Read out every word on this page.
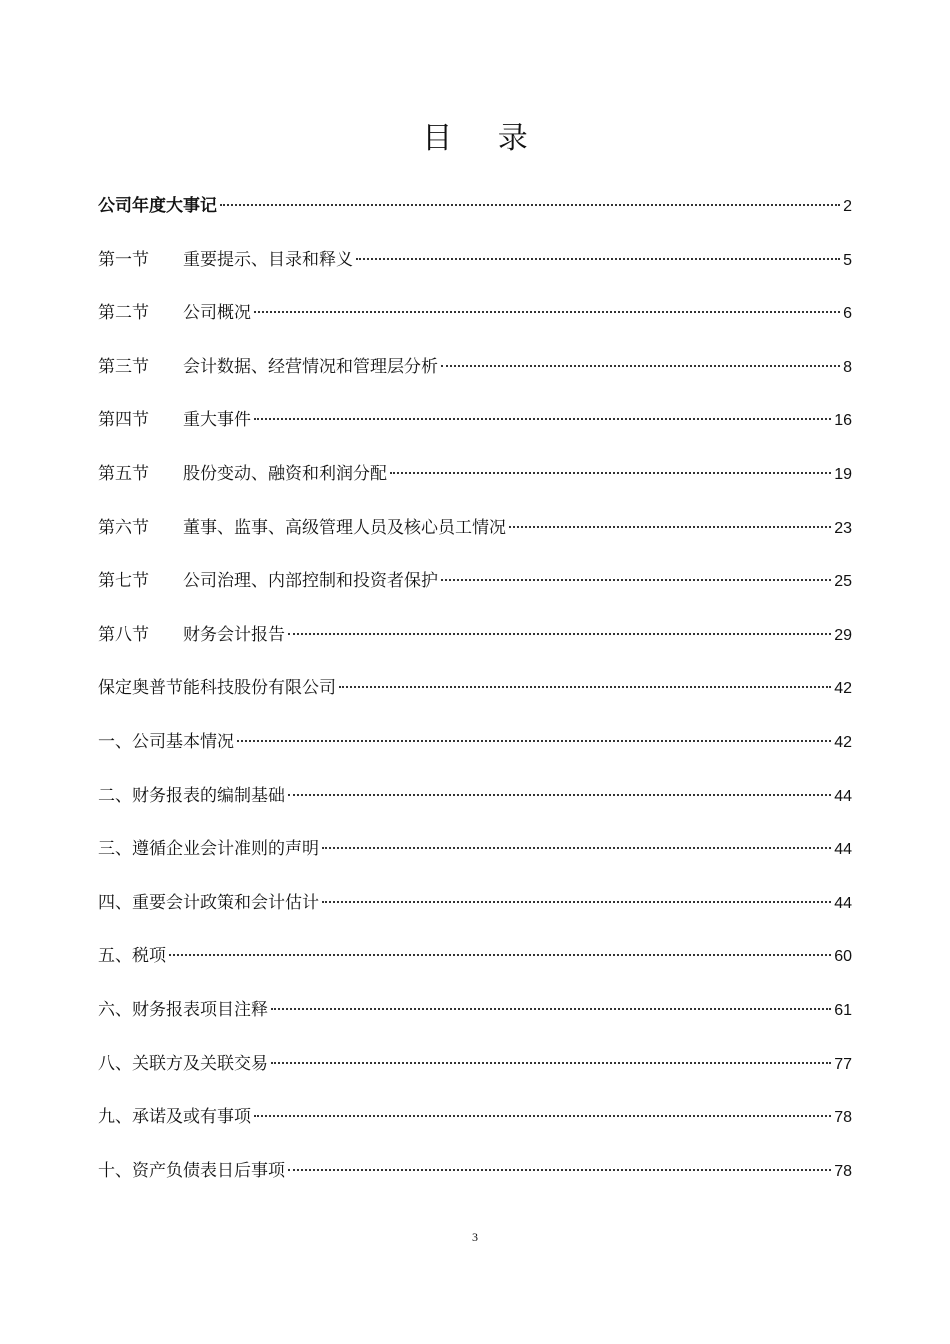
目 录
公司年度大事记	2
第一节	重要提示、目录和释义	5
第二节	公司概况	6
第三节	会计数据、经营情况和管理层分析	8
第四节	重大事件	16
第五节	股份变动、融资和利润分配	19
第六节	董事、监事、高级管理人员及核心员工情况	23
第七节	公司治理、内部控制和投资者保护	25
第八节	财务会计报告	29
保定奥普节能科技股份有限公司	42
一、公司基本情况	42
二、财务报表的编制基础	44
三、遵循企业会计准则的声明	44
四、重要会计政策和会计估计	44
五、税项	60
六、财务报表项目注释	61
八、关联方及关联交易	77
九、承诺及或有事项	78
十、资产负债表日后事项	78
3
